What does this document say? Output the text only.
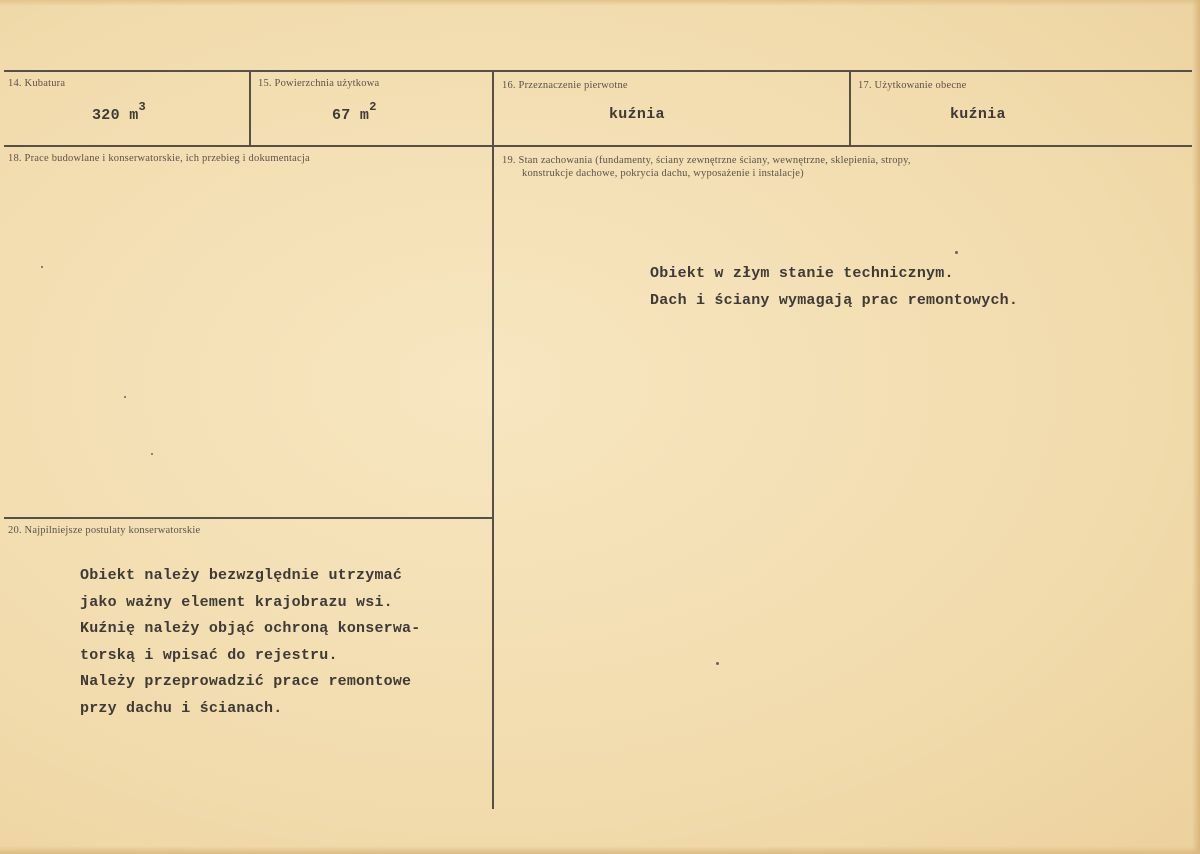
14. Kubatura
320 $m^3$
15. Powierzchnia użytkowa
67 $m^2$
16. Przeznaczenie pierwotne
kuźnia
17. Użytkowanie obecne
kuźnia
18. Prace budowlane i konserwatorskie, ich przebieg i dokumentacja	19. Stan zachowania (fundamenty, ściany zewnętrzne ściany, wewnętrzne, sklepienia, stropy,
konstrukcje dachowe, pokrycia dachu, wyposażenie i instalacje)
Obiekt w złym stanie technicznym.
Dach i ściany wymagają prac remontowych.
20. Najpilniejsze postulaty konserwatorskie
Obiekt należy bezwzględnie utrzymać
jako ważny element krajobrazu wsi.
Kuźnię należy objąć ochroną konserwa-
torską i wpisać do rejestru.
Należy przeprowadzić prace remontowe
przy dachu i ścianach.
